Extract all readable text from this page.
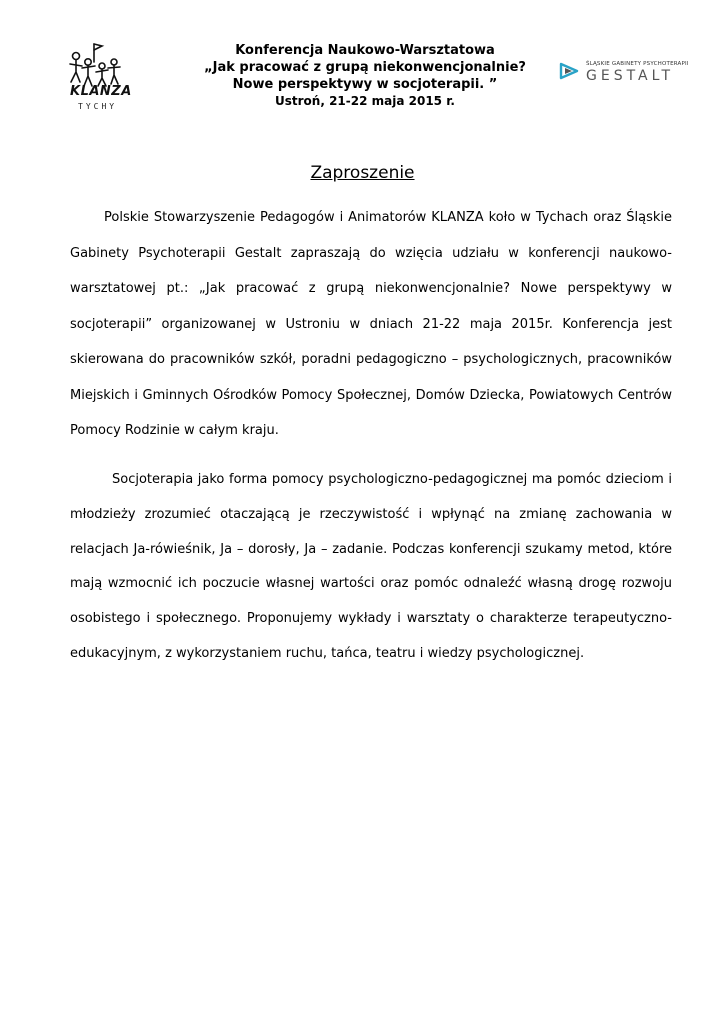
KLANZA
TYCHY
Konferencja Naukowo-Warsztatowa
„Jak pracować z grupą niekonwencjonalnie?
Nowe perspektywy w socjoterapii. ”
Ustroń, 21-22 maja 2015 r.
ŚLĄSKIE GABINETY PSYCHOTERAPII
GESTALT
Zaproszenie

Polskie Stowarzyszenie Pedagogów i Animatorów KLANZA koło w Tychach oraz Śląskie Gabinety Psychoterapii Gestalt zapraszają do wzięcia udziału w konferencji naukowo-warsztatowej pt.: „Jak pracować z grupą niekonwencjonalnie? Nowe perspektywy w socjoterapii” organizowanej w Ustroniu w dniach 21-22 maja 2015r. Konferencja jest skierowana do pracowników szkół, poradni pedagogiczno – psychologicznych, pracowników Miejskich i Gminnych Ośrodków Pomocy Społecznej, Domów Dziecka, Powiatowych Centrów Pomocy Rodzinie w całym kraju.

Socjoterapia jako forma pomocy psychologiczno-pedagogicznej ma pomóc dzieciom i młodzieży zrozumieć otaczającą je rzeczywistość i wpłynąć na zmianę zachowania w relacjach Ja-rówieśnik, Ja – dorosły, Ja – zadanie. Podczas konferencji szukamy metod, które mają wzmocnić ich poczucie własnej wartości oraz pomóc odnaleźć własną drogę rozwoju osobistego i społecznego. Proponujemy wykłady i warsztaty o charakterze terapeutyczno-edukacyjnym, z wykorzystaniem ruchu, tańca, teatru i wiedzy psychologicznej.
